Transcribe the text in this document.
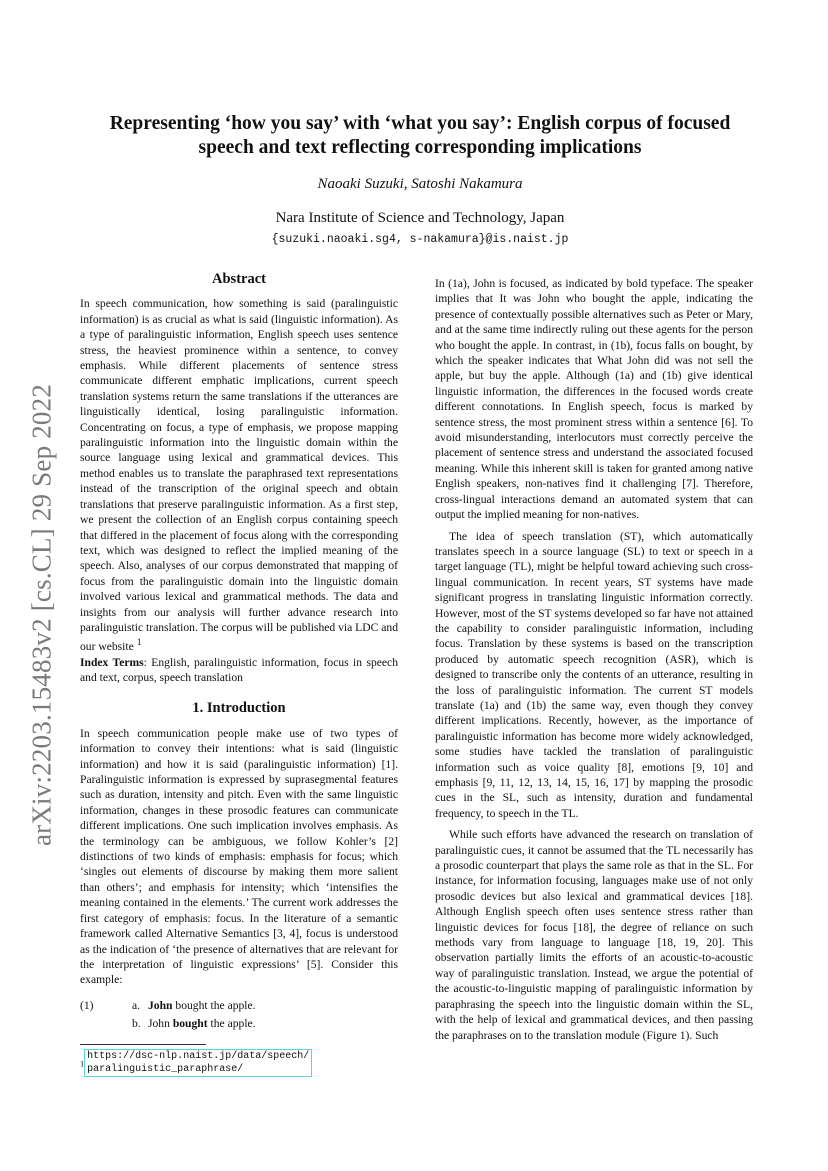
arXiv:2203.15483v2 [cs.CL] 29 Sep 2022
Representing ‘how you say’ with ‘what you say’: English corpus of focused speech and text reflecting corresponding implications
Naoaki Suzuki, Satoshi Nakamura
Nara Institute of Science and Technology, Japan
{suzuki.naoaki.sg4, s-nakamura}@is.naist.jp
Abstract

In speech communication, how something is said (paralinguistic information) is as crucial as what is said (linguistic information). As a type of paralinguistic information, English speech uses sentence stress, the heaviest prominence within a sentence, to convey emphasis. While different placements of sentence stress communicate different emphatic implications, current speech translation systems return the same translations if the utterances are linguistically identical, losing paralinguistic information. Concentrating on focus, a type of emphasis, we propose mapping paralinguistic information into the linguistic domain within the source language using lexical and grammatical devices. This method enables us to translate the paraphrased text representations instead of the transcription of the original speech and obtain translations that preserve paralinguistic information. As a first step, we present the collection of an English corpus containing speech that differed in the placement of focus along with the corresponding text, which was designed to reflect the implied meaning of the speech. Also, analyses of our corpus demonstrated that mapping of focus from the paralinguistic domain into the linguistic domain involved various lexical and grammatical methods. The data and insights from our analysis will further advance research into paralinguistic translation. The corpus will be published via LDC and our website $^1$

Index Terms: English, paralinguistic information, focus in speech and text, corpus, speech translation

1. Introduction

In speech communication people make use of two types of information to convey their intentions: what is said (linguistic information) and how it is said (paralinguistic information) [1]. Paralinguistic information is expressed by suprasegmental features such as duration, intensity and pitch. Even with the same linguistic information, changes in these prosodic features can communicate different implications. One such implication involves emphasis. As the terminology can be ambiguous, we follow Kohler’s [2] distinctions of two kinds of emphasis: emphasis for focus; which ‘singles out elements of discourse by making them more salient than others’; and emphasis for intensity; which ‘intensifies the meaning contained in the elements.’ The current work addresses the first category of emphasis: focus. In the literature of a semantic framework called Alternative Semantics [3, 4], focus is understood as the indication of ‘the presence of alternatives that are relevant for the interpretation of linguistic expressions’ [5]. Consider this example:

(1)	a. John bought the apple.
b. John bought the apple.
$^1$https://dsc-nlp.naist.jp/data/speech/
paralinguistic_paraphrase/

In (1a), John is focused, as indicated by bold typeface. The speaker implies that It was John who bought the apple, indicating the presence of contextually possible alternatives such as Peter or Mary, and at the same time indirectly ruling out these agents for the person who bought the apple. In contrast, in (1b), focus falls on bought, by which the speaker indicates that What John did was not sell the apple, but buy the apple. Although (1a) and (1b) give identical linguistic information, the differences in the focused words create different connotations. In English speech, focus is marked by sentence stress, the most prominent stress within a sentence [6]. To avoid misunderstanding, interlocutors must correctly perceive the placement of sentence stress and understand the associated focused meaning. While this inherent skill is taken for granted among native English speakers, non-natives find it challenging [7]. Therefore, cross-lingual interactions demand an automated system that can output the implied meaning for non-natives.

The idea of speech translation (ST), which automatically translates speech in a source language (SL) to text or speech in a target language (TL), might be helpful toward achieving such cross-lingual communication. In recent years, ST systems have made significant progress in translating linguistic information correctly. However, most of the ST systems developed so far have not attained the capability to consider paralinguistic information, including focus. Translation by these systems is based on the transcription produced by automatic speech recognition (ASR), which is designed to transcribe only the contents of an utterance, resulting in the loss of paralinguistic information. The current ST models translate (1a) and (1b) the same way, even though they convey different implications. Recently, however, as the importance of paralinguistic information has become more widely acknowledged, some studies have tackled the translation of paralinguistic information such as voice quality [8], emotions [9, 10] and emphasis [9, 11, 12, 13, 14, 15, 16, 17] by mapping the prosodic cues in the SL, such as intensity, duration and fundamental frequency, to speech in the TL.

While such efforts have advanced the research on translation of paralinguistic cues, it cannot be assumed that the TL necessarily has a prosodic counterpart that plays the same role as that in the SL. For instance, for information focusing, languages make use of not only prosodic devices but also lexical and grammatical devices [18]. Although English speech often uses sentence stress rather than linguistic devices for focus [18], the degree of reliance on such methods vary from language to language [18, 19, 20]. This observation partially limits the efforts of an acoustic-to-acoustic way of paralinguistic translation. Instead, we argue the potential of the acoustic-to-linguistic mapping of paralinguistic information by paraphrasing the speech into the linguistic domain within the SL, with the help of lexical and grammatical devices, and then passing the paraphrases on to the translation module (Figure 1). Such
